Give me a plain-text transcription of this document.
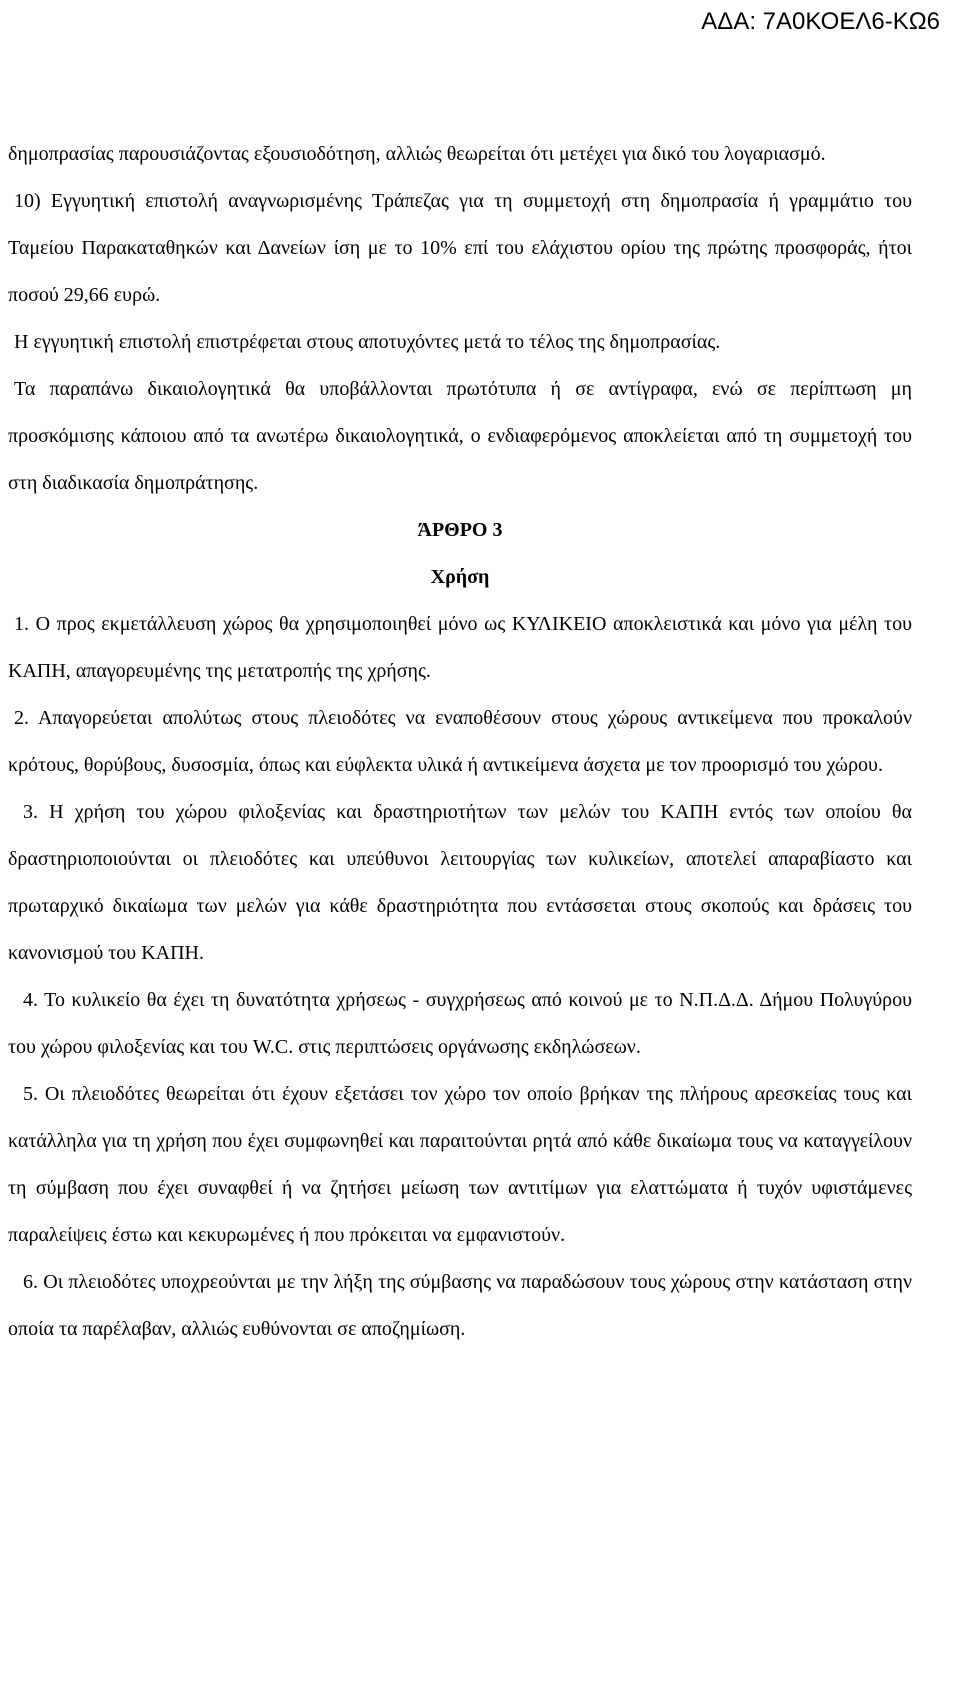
ΑΔΑ: 7Α0ΚΟΕΛ6-ΚΩ6

δημοπρασίας παρουσιάζοντας εξουσιοδότηση, αλλιώς θεωρείται ότι μετέχει για δικό του λογαριασμό.

10) Εγγυητική επιστολή αναγνωρισμένης Τράπεζας για τη συμμετοχή στη δημοπρασία ή γραμμάτιο του Ταμείου Παρακαταθηκών και Δανείων ίση με το 10% επί του ελάχιστου ορίου της πρώτης προσφοράς, ήτοι ποσού 29,66 ευρώ.

Η εγγυητική επιστολή επιστρέφεται στους αποτυχόντες μετά το τέλος της δημοπρασίας.

Τα παραπάνω δικαιολογητικά θα υποβάλλονται πρωτότυπα ή σε αντίγραφα, ενώ σε περίπτωση μη προσκόμισης κάποιου από τα ανωτέρω δικαιολογητικά, ο ενδιαφερόμενος αποκλείεται από τη συμμετοχή του στη διαδικασία δημοπράτησης.

ΆΡΘΡΟ 3

Χρήση

1. Ο προς εκμετάλλευση χώρος θα χρησιμοποιηθεί μόνο ως ΚΥΛΙΚΕΙΟ αποκλειστικά και μόνο για μέλη του ΚΑΠΗ, απαγορευμένης της μετατροπής της χρήσης.

2. Απαγορεύεται απολύτως στους πλειοδότες να εναποθέσουν στους χώρους αντικείμενα που προκαλούν κρότους, θορύβους, δυσοσμία, όπως και εύφλεκτα υλικά ή αντικείμενα άσχετα με τον προορισμό του χώρου.

3. Η χρήση του χώρου φιλοξενίας και δραστηριοτήτων των μελών του ΚΑΠΗ εντός των οποίου θα δραστηριοποιούνται οι πλειοδότες και υπεύθυνοι λειτουργίας των κυλικείων, αποτελεί απαραβίαστο και πρωταρχικό δικαίωμα των μελών για κάθε δραστηριότητα που εντάσσεται στους σκοπούς και δράσεις του κανονισμού του ΚΑΠΗ.

4. Το κυλικείο θα έχει τη δυνατότητα χρήσεως - συγχρήσεως από κοινού με το Ν.Π.Δ.Δ. Δήμου Πολυγύρου του χώρου φιλοξενίας και του W.C. στις περιπτώσεις οργάνωσης εκδηλώσεων.

5. Οι πλειοδότες θεωρείται ότι έχουν εξετάσει τον χώρο τον οποίο βρήκαν της πλήρους αρεσκείας τους και κατάλληλα για τη χρήση που έχει συμφωνηθεί και παραιτούνται ρητά από κάθε δικαίωμα τους να καταγγείλουν τη σύμβαση που έχει συναφθεί ή να ζητήσει μείωση των αντιτίμων για ελαττώματα ή τυχόν υφιστάμενες παραλείψεις έστω και κεκυρωμένες ή που πρόκειται να εμφανιστούν.

6. Οι πλειοδότες υποχρεούνται με την λήξη της σύμβασης να παραδώσουν τους χώρους στην κατάσταση στην οποία τα παρέλαβαν, αλλιώς ευθύνονται σε αποζημίωση.
